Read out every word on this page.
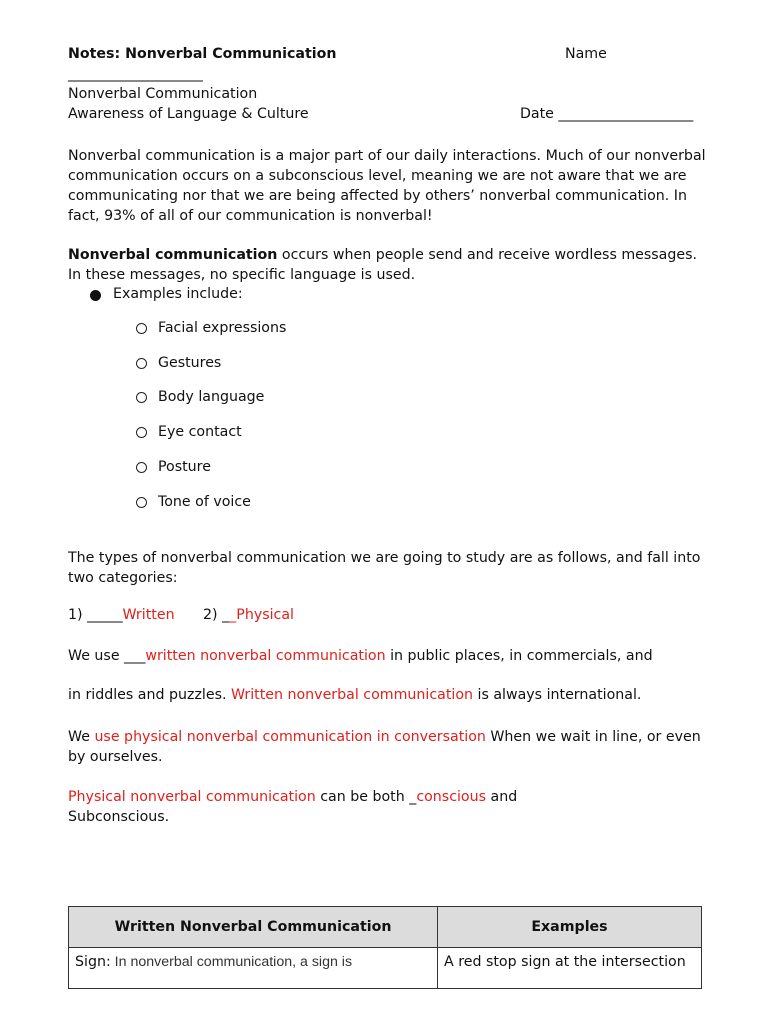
Notes: Nonverbal Communication	Name
___________________
Nonverbal Communication
Awareness of Language & Culture	Date ___________________
Nonverbal communication is a major part of our daily interactions. Much of our nonverbal
communication occurs on a subconscious level, meaning we are not aware that we are
communicating nor that we are being affected by others’ nonverbal communication. In
fact, 93% of all of our communication is nonverbal!
Nonverbal communication occurs when people send and receive wordless messages.
In these messages, no specific language is used.
Examples include:
Facial expressions
Gestures
Body language
Eye contact
Posture
Tone of voice
The types of nonverbal communication we are going to study are as follows, and fall into
two categories:
1) _____Written 2) __Physical
We use ___written nonverbal communication in public places, in commercials, and
in riddles and puzzles. Written nonverbal communication is always international.
We use physical nonverbal communication in conversation When we wait in line, or even
by ourselves.
Physical nonverbal communication can be both _conscious and
Subconscious.
Written Nonverbal Communication	Examples
Sign: In nonverbal communication, a sign is	A red stop sign at the intersection
